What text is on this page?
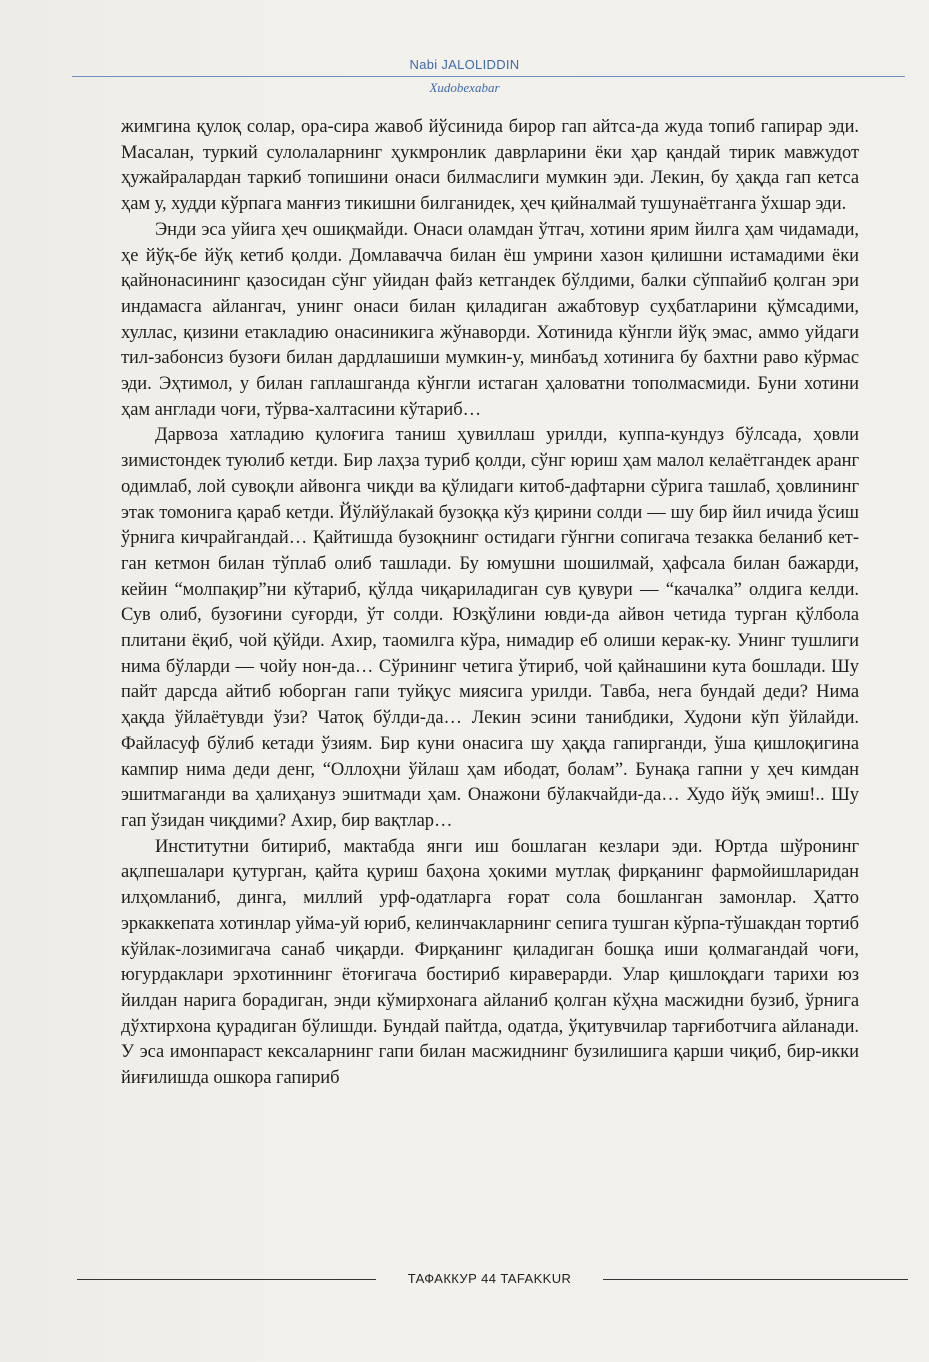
Nabi JALOLIDDIN
Xudobexabar

жимгина қулоқ солар, ора-сира жавоб йўсинида бирор гап айтса-да жуда топиб гапирар эди. Масалан, туркий сулолаларнинг ҳукмронлик даврларини ёки ҳар қандай тирик мавжудот ҳужайралардан таркиб топишини онаси билмаслиги мумкин эди. Лекин, бу ҳақда гап кетса ҳам у, худди кўрпага манғиз тикишни билганидек, ҳеч қийналмай тушунаётганга ўхшар эди.

Энди эса уйига ҳеч ошиқмайди. Онаси оламдан ўтгач, хотини ярим йилга ҳам чидамади, ҳе йўқ-бе йўқ кетиб қолди. Домлавачча билан ёш умрини хазон қилишни истамадими ёки қайнонасининг қазосидан сўнг уйидан файз кетгандек бўлдими, балки сўппайиб қолган эри индамасга айлангач, унинг онаси билан қиладиган ажабтовур суҳбатларини қўмсадими, хуллас, қизини етакладию онасиникига жўнаворди. Хотинида кўнгли йўқ эмас, аммо уйдаги тил-забонсиз бузоғи билан дардлашиши мумкин-у, минбаъд хотинига бу бахтни раво кўрмас эди. Эҳтимол, у билан гаплашганда кўнгли истаган ҳаловатни тополмасмиди. Буни хотини ҳам англади чоғи, тўрва-халтасини кўтариб…

Дарвоза хатладию қулоғига таниш ҳувиллаш урилди, куппа-кундуз бўлсада, ҳовли зимистондек туюлиб кетди. Бир лаҳза туриб қолди, сўнг юриш ҳам малол келаётгандек аранг одимлаб, лой сувоқли айвонга чиқди ва қўлидаги китоб-дафтарни сўрига ташлаб, ҳовлининг этак томонига қараб кетди. Йўлйўлакай бузоққа кўз қирини солди — шу бир йил ичида ўсиш ўрнига кичрайгандай… Қайтишда бузоқнинг остидаги гўнгни сопигача тезакка беланиб кетган кетмон билан тўплаб олиб ташлади. Бу юмушни шошилмай, ҳафсала билан бажарди, кейин “молпақир”ни кўтариб, қўлда чиқариладиган сув қувури — “качалка” олдига келди. Сув олиб, бузоғини суғорди, ўт солди. Юзқўлини ювди-да айвон четида турган қўлбола плитани ёқиб, чой қўйди. Ахир, таомилга кўра, нимадир еб олиши керак-ку. Унинг тушлиги нима бўларди — чойу нон-да… Сўрининг четига ўтириб, чой қайнашини кута бошлади. Шу пайт дарсда айтиб юборган гапи туйқус миясига урилди. Тавба, нега бундай деди? Нима ҳақда ўйлаётувди ўзи? Чатоқ бўлди-да… Лекин эсини танибдики, Худони кўп ўйлайди. Файласуф бўлиб кетади ўзиям. Бир куни онасига шу ҳақда гапирганди, ўша қишлоқигина кампир нима деди денг, “Оллоҳни ўйлаш ҳам ибодат, болам”. Бунақа гапни у ҳеч кимдан эшитмаганди ва ҳалиҳануз эшитмади ҳам. Онажони бўлакчайди-да… Худо йўқ эмиш!.. Шу гап ўзидан чиқдими? Ахир, бир вақтлар…

Институтни битириб, мактабда янги иш бошлаган кезлари эди. Юртда шўронинг ақлпешалари қутурган, қайта қуриш баҳона ҳокими мутлақ фирқанинг фармойишларидан илҳомланиб, динга, миллий урф-одатларга ғорат сола бошланган замонлар. Ҳатто эркаккепата хотинлар уйма-уй юриб, келинчакларнинг сепига тушган кўрпа-тўшакдан тортиб кўйлак-лозимигача санаб чиқарди. Фирқанинг қиладиган бошқа иши қолмагандай чоғи, югурдаклари эрхотиннинг ётоғигача бостириб кираверарди. Улар қишлоқдаги тарихи юз йилдан нарига борадиган, энди кўмирхонага айланиб қолган кўҳна масжидни бузиб, ўрнига дўхтирхона қурадиган бўлишди. Бундай пайтда, одатда, ўқитувчилар тарғиботчига айланади. У эса имонпараст кексаларнинг гапи билан масжиднинг бузилишига қарши чиқиб, бир-икки йиғилишда ошкора гапириб

ТАФАККУР 44 TAFAKKUR
